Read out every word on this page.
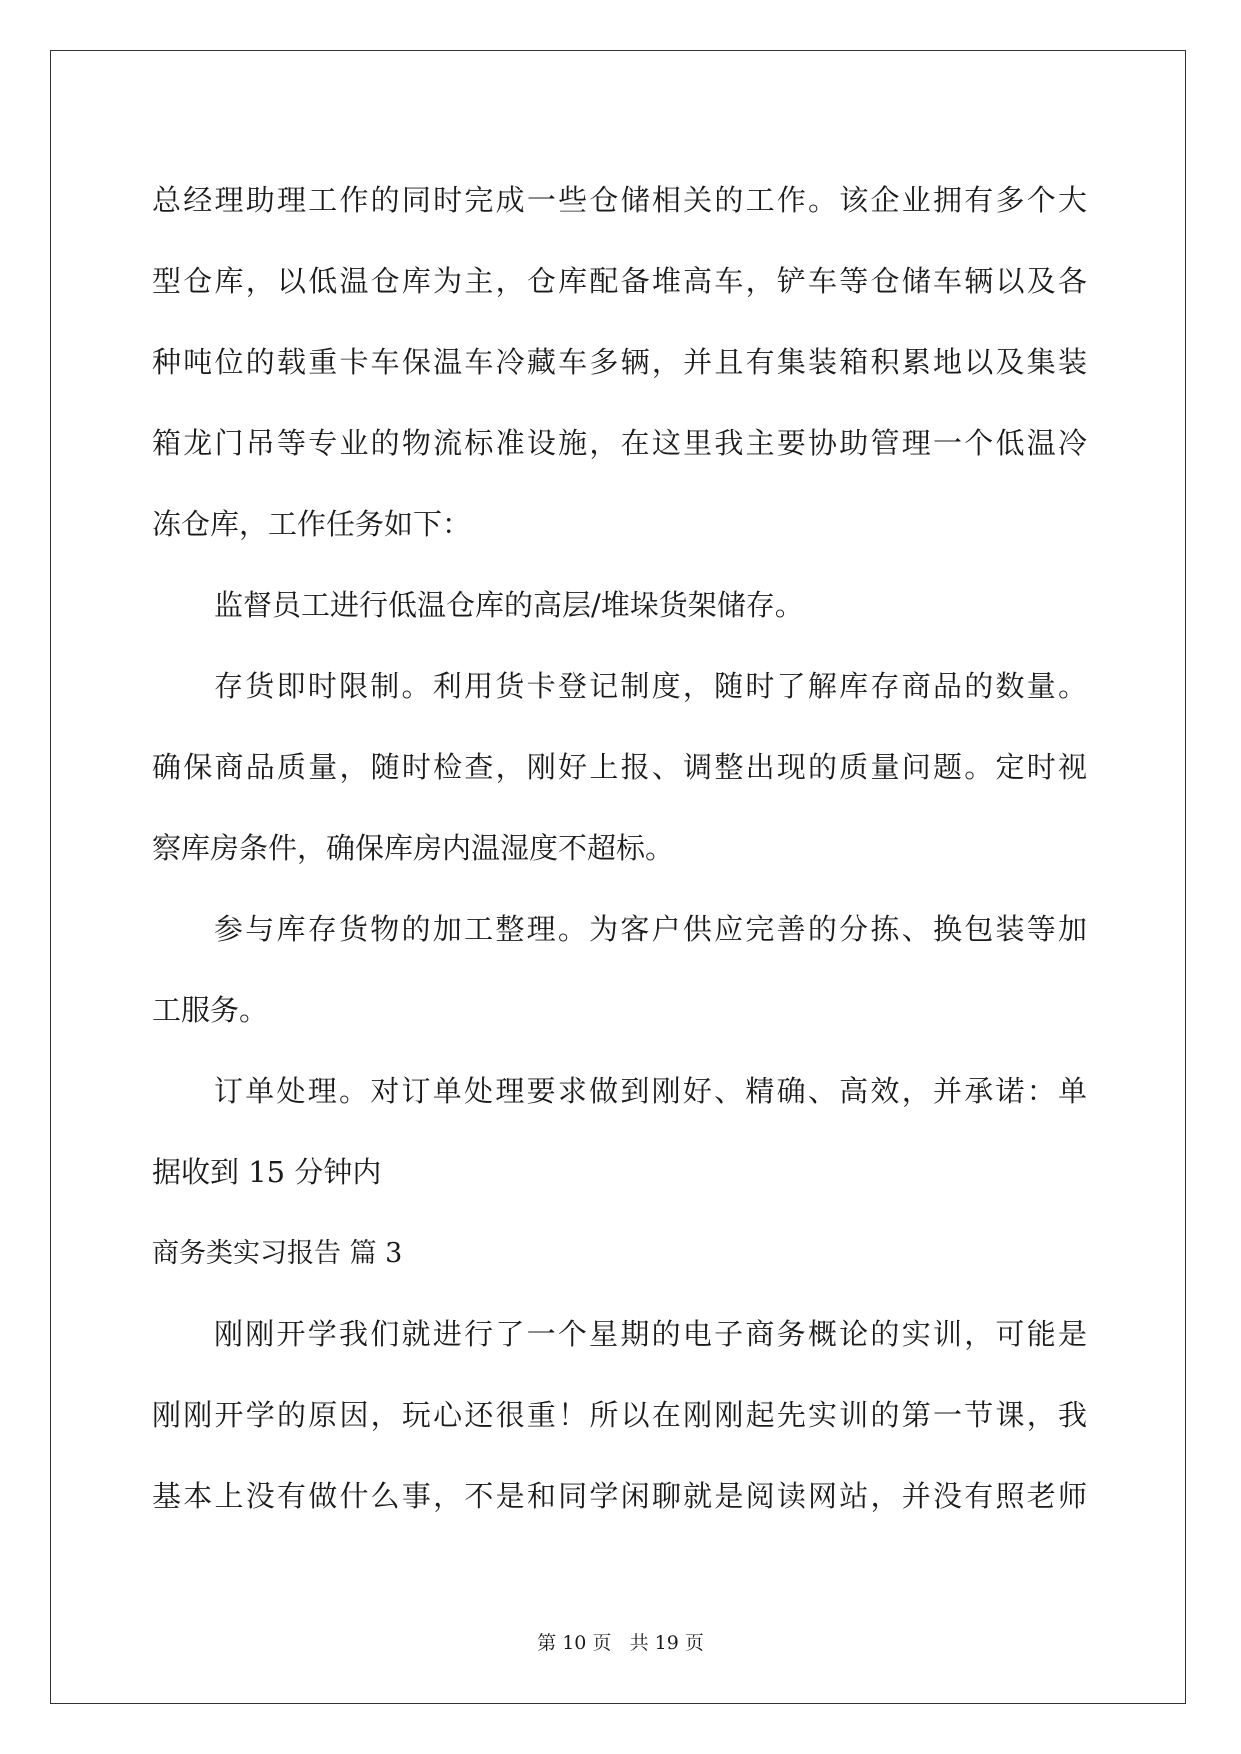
总经理助理工作的同时完成一些仓储相关的工作。该企业拥有多个大
型仓库，以低温仓库为主，仓库配备堆高车，铲车等仓储车辆以及各
种吨位的载重卡车保温车冷藏车多辆，并且有集装箱积累地以及集装
箱龙门吊等专业的物流标准设施，在这里我主要协助管理一个低温冷
冻仓库，工作任务如下：
监督员工进行低温仓库的高层/堆垛货架储存。
存货即时限制。利用货卡登记制度，随时了解库存商品的数量。
确保商品质量，随时检查，刚好上报、调整出现的质量问题。定时视
察库房条件，确保库房内温湿度不超标。
参与库存货物的加工整理。为客户供应完善的分拣、换包装等加
工服务。
订单处理。对订单处理要求做到刚好、精确、高效，并承诺：单
据收到 15 分钟内
商务类实习报告 篇 3
刚刚开学我们就进行了一个星期的电子商务概论的实训，可能是
刚刚开学的原因，玩心还很重！所以在刚刚起先实训的第一节课，我
基本上没有做什么事，不是和同学闲聊就是阅读网站，并没有照老师
第 10 页 共 19 页
